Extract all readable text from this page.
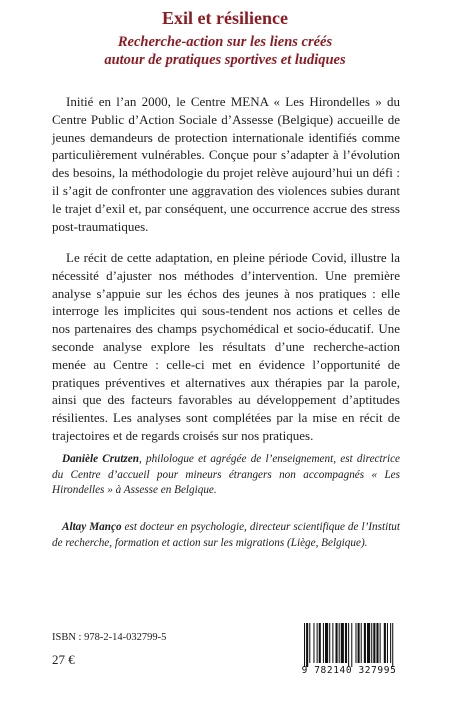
Exil et résilience
Recherche-action sur les liens créés
autour de pratiques sportives et ludiques

Initié en l’an 2000, le Centre MENA « Les Hirondelles » du Centre Public d’Action Sociale d’Assesse (Belgique) accueille de jeunes demandeurs de protection internationale identifiés comme particulièrement vulnérables. Conçue pour s’adapter à l’évolution des besoins, la méthodologie du projet relève aujourd’hui un défi : il s’agit de confronter une aggravation des violences subies durant le trajet d’exil et, par conséquent, une occurrence accrue des stress post-traumatiques.

Le récit de cette adaptation, en pleine période Covid, illustre la nécessité d’ajuster nos méthodes d’intervention. Une première analyse s’appuie sur les échos des jeunes à nos pratiques : elle interroge les implicites qui sous-tendent nos actions et celles de nos partenaires des champs psychomédical et socio-éducatif. Une seconde analyse explore les résultats d’une recherche-action menée au Centre : celle-ci met en évidence l’opportunité de pratiques préventives et alternatives aux thérapies par la parole, ainsi que des facteurs favorables au développement d’aptitudes résilientes. Les analyses sont complétées par la mise en récit de trajectoires et de regards croisés sur nos pratiques.

Danièle Crutzen, philologue et agrégée de l’enseignement, est directrice du Centre d’accueil pour mineurs étrangers non accompagnés « Les Hirondelles » à Assesse en Belgique.

Altay Manço est docteur en psychologie, directeur scientifique de l’Institut de recherche, formation et action sur les migrations (Liège, Belgique).

ISBN : 978-2-14-032799-5
27 €
9 782140 327995
